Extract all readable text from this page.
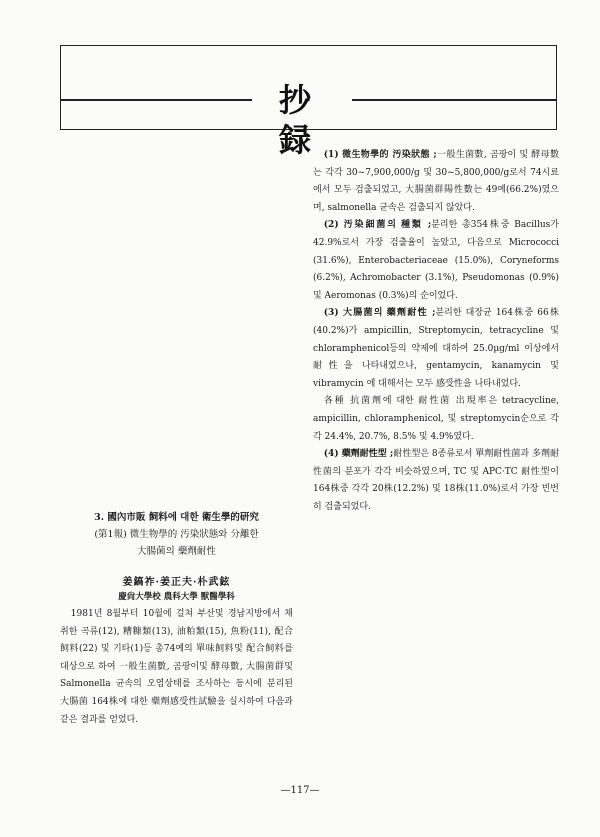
抄 録

(1) 微生物學的 汚染狀態 ;一般生菌數, 곰팡이 및 酵母數는 각각 30~7,900,000/g 및 30~5,800,000/g로서 74시료에서 모두 검출되었고, 大腸菌群陽性數는 49예(66.2%)였으며, salmonella 균속은 검출되지 않았다.

(2) 汚染細菌의 種類 ;분리한 총354株중 Bacillus가 42.9%로서 가장 검출율이 높았고, 다음으로 Micrococci (31.6%), Enterobacteriaceae (15.0%), Coryneforms (6.2%), Achromobacter (3.1%), Pseudomonas (0.9%) 및 Aeromonas (0.3%)의 순이었다.

(3) 大腸菌의 藥劑耐性 ;분리한 대장균 164株중 66株(40.2%)가 ampicillin, Streptomycin, tetracycline 및 chloramphenicol등의 약제에 대하여 25.0μg/ml 이상에서 耐性을 나타내었으나, gentamycin, kanamycin 및 vibramycin 에 대해서는 모두 感受性을 나타내었다.

各種 抗菌劑에 대한 耐性菌 出現率은 tetracycline, ampicillin, chloramphenicol, 및 streptomycin순으로 각각 24.4%, 20.7%, 8.5% 및 4.9%였다.

(4) 藥劑耐性型 ;耐性型은 8종류로서 單劑耐性菌과 多劑耐性菌의 분포가 각각 비슷하였으며, TC 및 APC·TC 耐性型이 164株중 각각 20株(12.2%) 및 18株(11.0%)로서 가장 빈번히 검출되었다.

3. 國內市販 飼料에 대한 衛生學的研究
(第1報) 微生物學的 汚染狀態와 分離한
大腸菌의 藥劑耐性
姜鎬祚·姜正夫·朴武鉉
慶尙大學校 農科大學 獸醫學科

1981년 8월부터 10월에 걸쳐 부산및 경남지방에서 채취한 곡류(12), 糟糠類(13), 油粕類(15), 魚粉(11), 配合飼料(22) 및 기타(1)등 총74예의 單味飼料및 配合飼料를 대상으로 하여 一般生菌數, 곰팡이및 酵母數, 大腸菌群및 Salmonella 균속의 오염상태를 조사하는 동시에 분리된 大腸菌 164株에 대한 藥劑感受性試驗을 실시하여 다음과 같은 결과를 얻었다.

—117—
